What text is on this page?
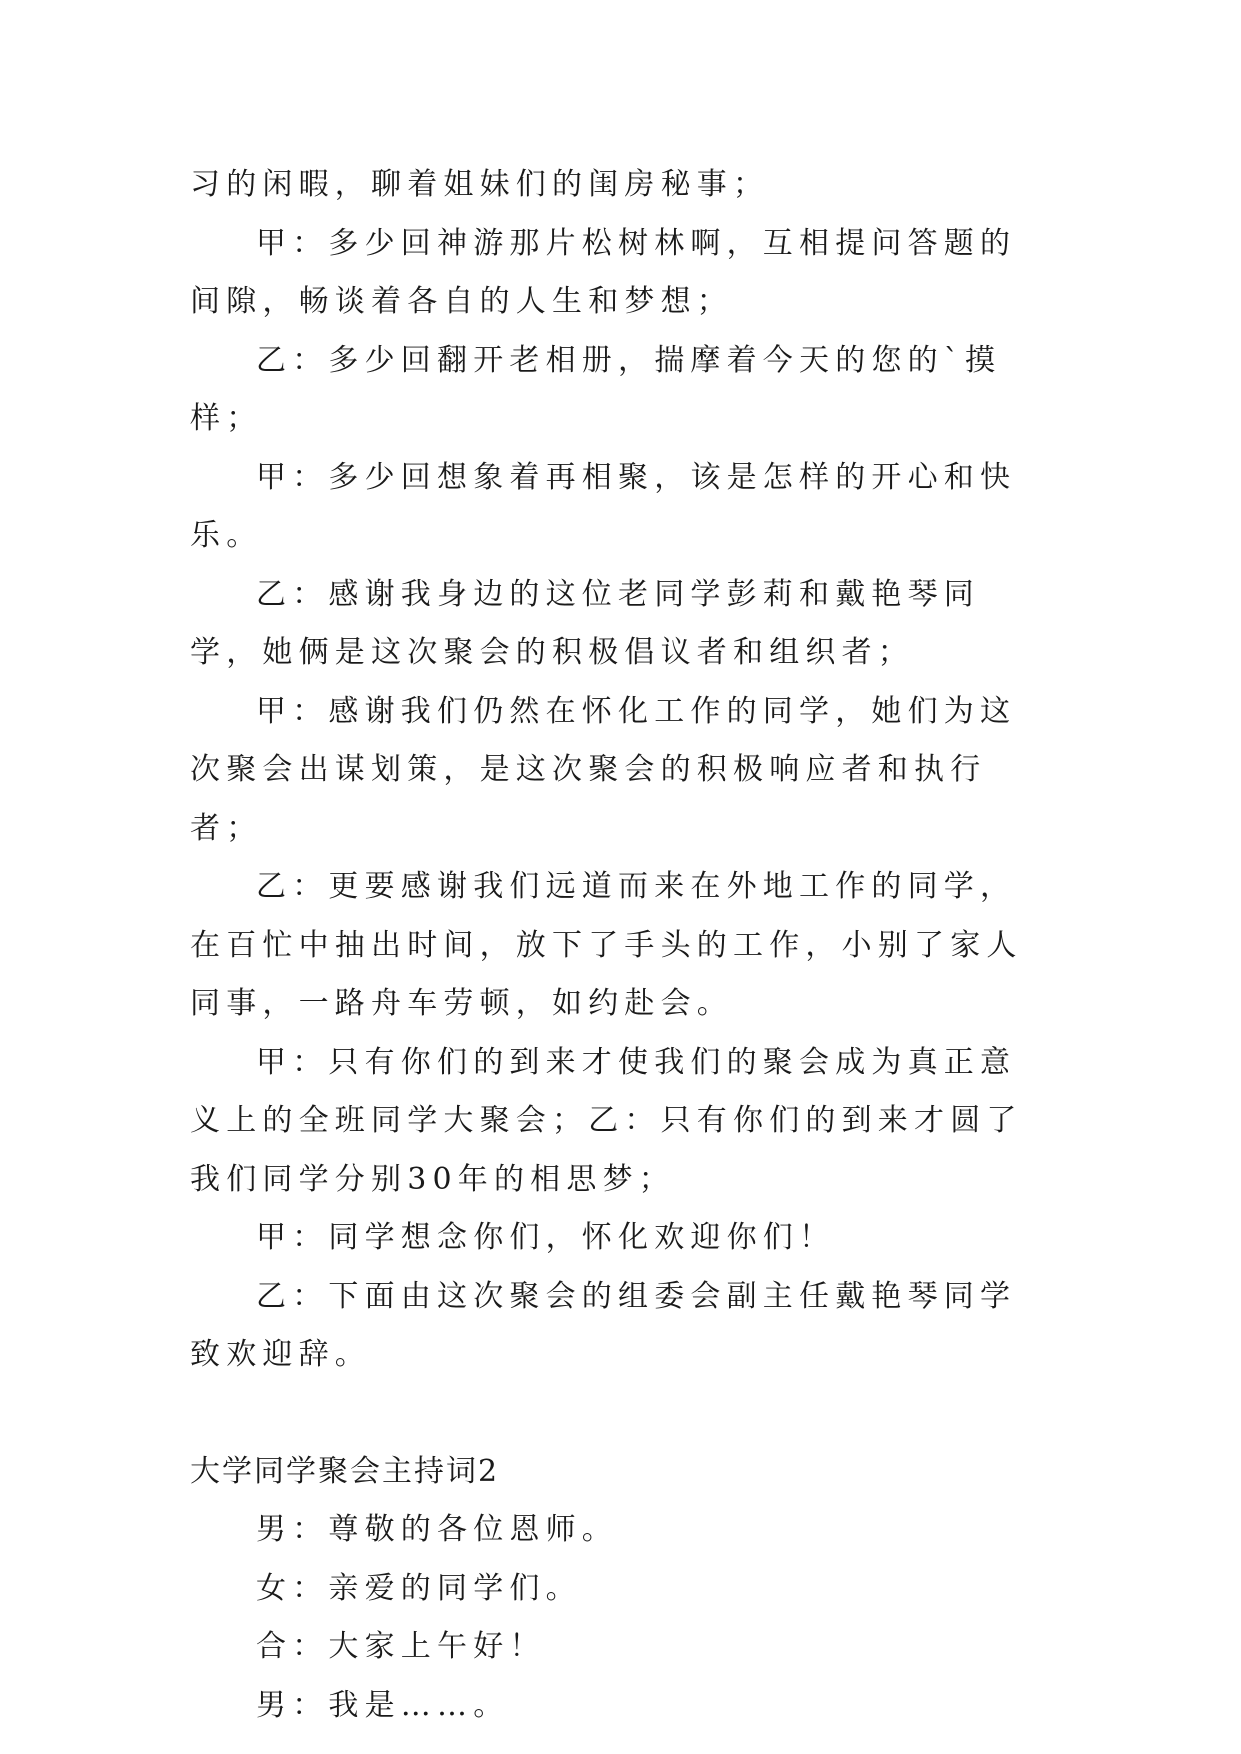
习的闲暇，聊着姐妹们的闺房秘事；

甲：多少回神游那片松树林啊，互相提问答题的间隙，畅谈着各自的人生和梦想；

乙：多少回翻开老相册，揣摩着今天的您的`摸样；

甲：多少回想象着再相聚，该是怎样的开心和快乐。

乙：感谢我身边的这位老同学彭莉和戴艳琴同学，她俩是这次聚会的积极倡议者和组织者；

甲：感谢我们仍然在怀化工作的同学，她们为这次聚会出谋划策，是这次聚会的积极响应者和执行者；

乙：更要感谢我们远道而来在外地工作的同学，在百忙中抽出时间，放下了手头的工作，小别了家人同事，一路舟车劳顿，如约赴会。

甲：只有你们的到来才使我们的聚会成为真正意义上的全班同学大聚会；乙：只有你们的到来才圆了我们同学分别30年的相思梦；

甲：同学想念你们，怀化欢迎你们！

乙：下面由这次聚会的组委会副主任戴艳琴同学致欢迎辞。

大学同学聚会主持词2

男：尊敬的各位恩师。

女：亲爱的同学们。

合：大家上午好！

男：我是……。
